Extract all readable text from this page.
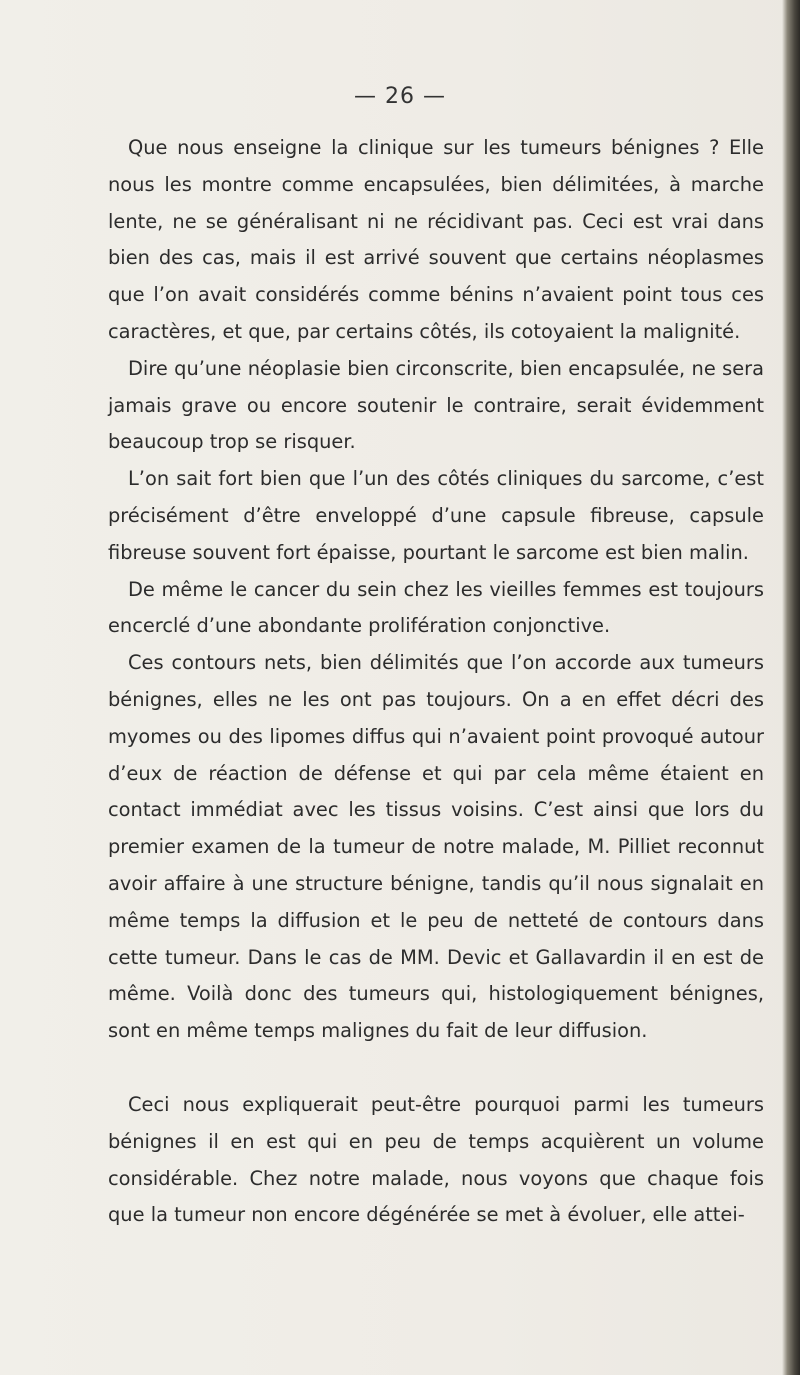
— 26 —

Que nous enseigne la clinique sur les tumeurs bénignes ? Elle nous les montre comme encapsulées, bien délimitées, à marche lente, ne se généralisant ni ne récidivant pas. Ceci est vrai dans bien des cas, mais il est arrivé souvent que certains néoplasmes que l’on avait considérés comme bénins n’avaient point tous ces caractères, et que, par certains côtés, ils cotoyaient la malignité.

Dire qu’une néoplasie bien circonscrite, bien encapsulée, ne sera jamais grave ou encore soutenir le contraire, serait évidemment beaucoup trop se risquer.

L’on sait fort bien que l’un des côtés cliniques du sarcome, c’est précisément d’être enveloppé d’une capsule fibreuse, capsule fibreuse souvent fort épaisse, pourtant le sarcome est bien malin.

De même le cancer du sein chez les vieilles femmes est toujours encerclé d’une abondante prolifération conjonctive.

Ces contours nets, bien délimités que l’on accorde aux tumeurs bénignes, elles ne les ont pas toujours. On a en effet décri des myomes ou des lipomes diffus qui n’avaient point provoqué autour d’eux de réaction de défense et qui par cela même étaient en contact immédiat avec les tissus voisins. C’est ainsi que lors du premier examen de la tumeur de notre malade, M. Pilliet reconnut avoir affaire à une structure bénigne, tandis qu’il nous signalait en même temps la diffusion et le peu de netteté de contours dans cette tumeur. Dans le cas de MM. Devic et Gallavardin il en est de même. Voilà donc des tumeurs qui, histologiquement bénignes, sont en même temps malignes du fait de leur diffusion.

Ceci nous expliquerait peut-être pourquoi parmi les tumeurs bénignes il en est qui en peu de temps acquièrent un volume considérable. Chez notre malade, nous voyons que chaque fois que la tumeur non encore dégénérée se met à évoluer, elle attei-
